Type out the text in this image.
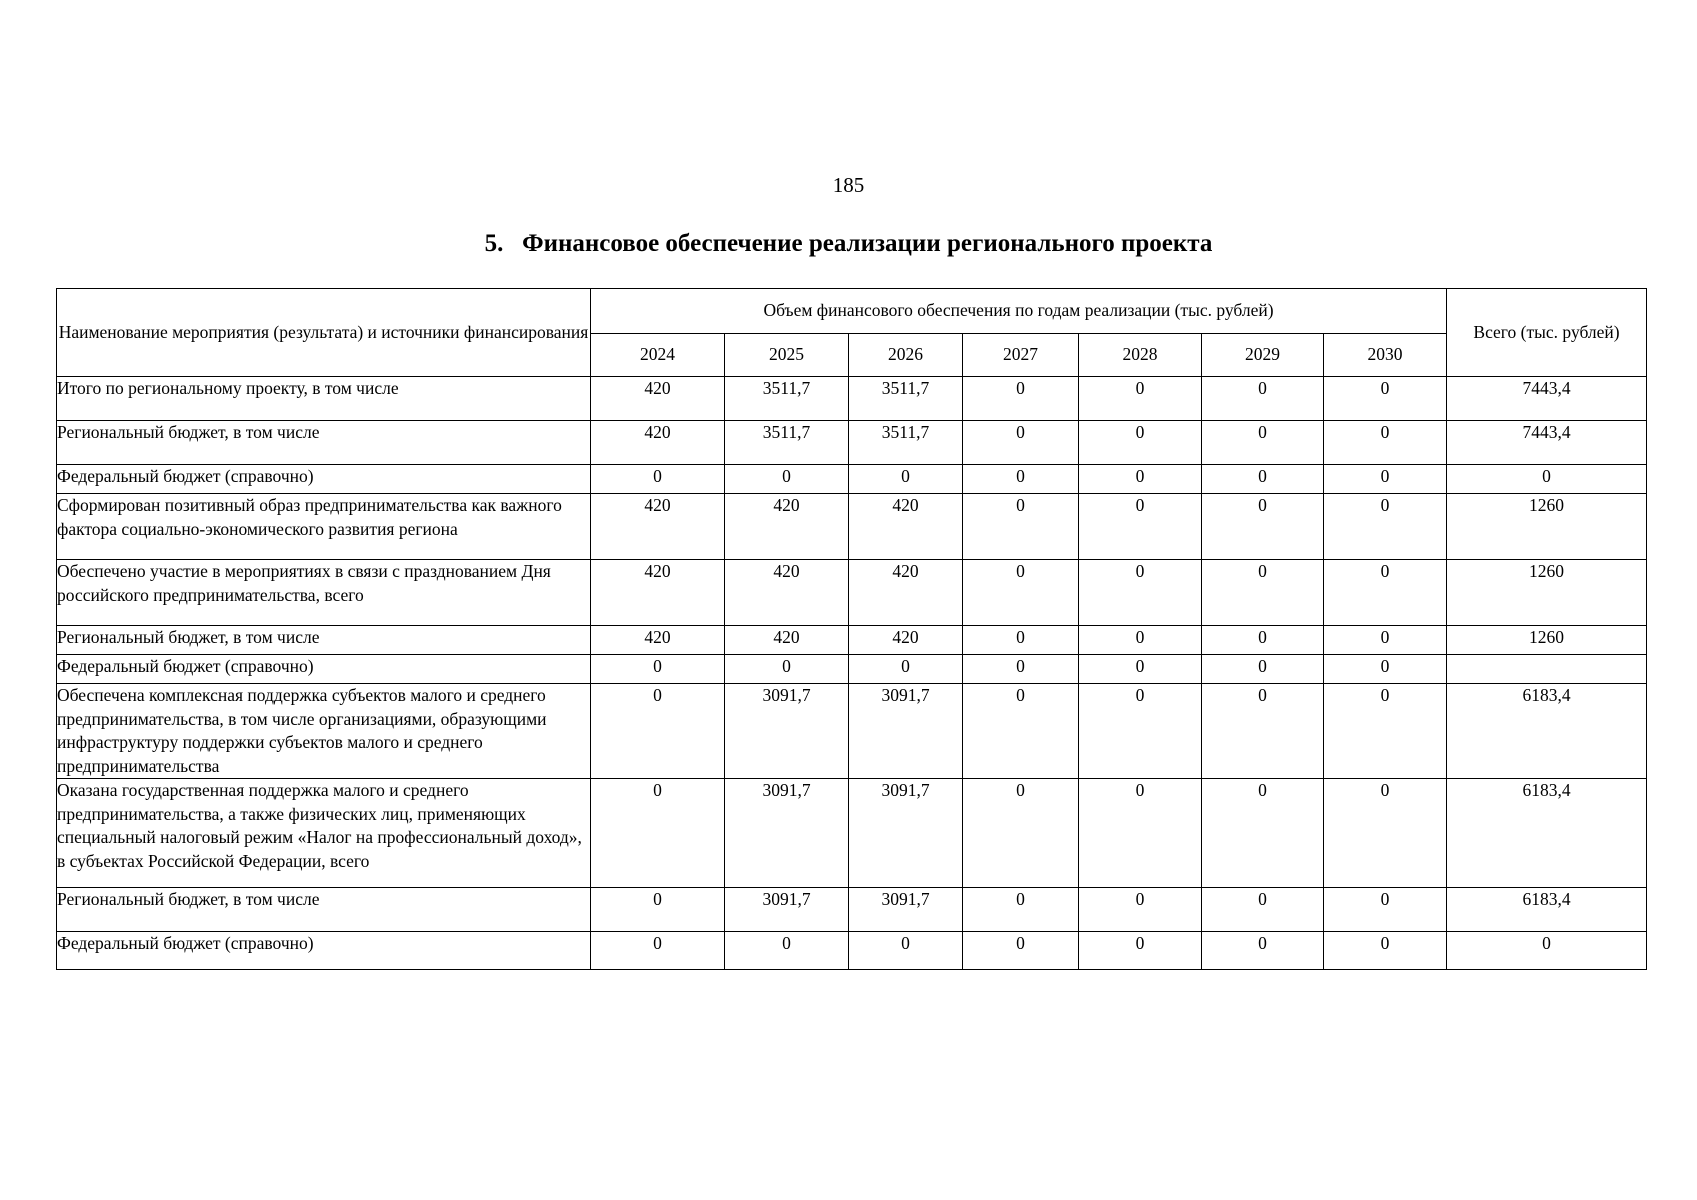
185
5.   Финансовое обеспечение реализации регионального проекта
Наименование мероприятия (результата) и источники финансирования	Объем финансового обеспечения по годам реализации (тыс. рублей)							Всего (тыс. рублей)
	2024	2025	2026	2027	2028	2029	2030	
Итого по региональному проекту, в том числе	420	3511,7	3511,7	0	0	0	0	7443,4
Региональный бюджет, в том числе	420	3511,7	3511,7	0	0	0	0	7443,4
Федеральный бюджет (справочно)	0	0	0	0	0	0	0	0
Сформирован позитивный образ предпринимательства как важного фактора социально-экономического развития региона	420	420	420	0	0	0	0	1260
Обеспечено участие в мероприятиях в связи с празднованием Дня российского предпринимательства, всего	420	420	420	0	0	0	0	1260
Региональный бюджет, в том числе	420	420	420	0	0	0	0	1260
Федеральный бюджет (справочно)	0	0	0	0	0	0	0	
Обеспечена комплексная поддержка субъектов малого и среднего предпринимательства, в том числе организациями, образующими инфраструктуру поддержки субъектов малого и среднего предпринимательства	0	3091,7	3091,7	0	0	0	0	6183,4
Оказана государственная поддержка малого и среднего предпринимательства, а также физических лиц, применяющих специальный налоговый режим «Налог на профессиональный доход», в субъектах Российской Федерации, всего	0	3091,7	3091,7	0	0	0	0	6183,4
Региональный бюджет, в том числе	0	3091,7	3091,7	0	0	0	0	6183,4
Федеральный бюджет (справочно)	0	0	0	0	0	0	0	0
